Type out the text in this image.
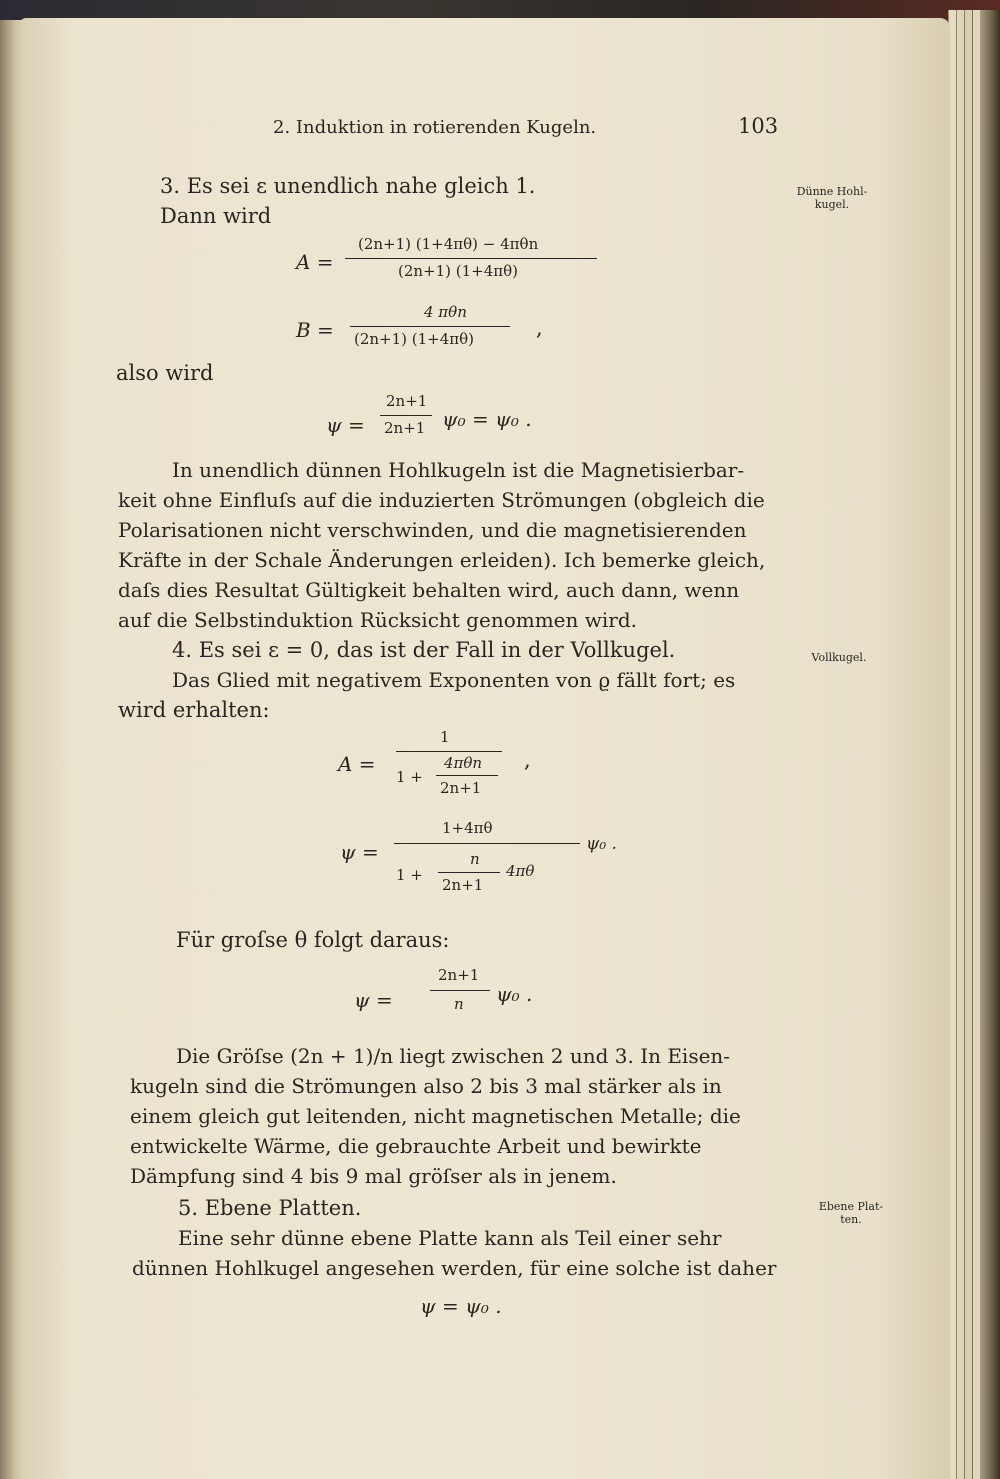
2. Induktion in rotierenden Kugeln.	103
Dünne Hohl-
kugel.
Vollkugel.
Ebene Plat-
ten.
3. Es sei ε unendlich nahe gleich 1.
Dann wird
A =
(2n+1) (1+4πθ) − 4πθn
(2n+1) (1+4πθ)
B =
4 πθn
(2n+1) (1+4πθ)	,
also wird
ψ =
2n+1
2n+1 ψ₀ = ψ₀ .
In unendlich dünnen Hohlkugeln ist die Magnetisierbar-
keit ohne Einfluſs auf die induzierten Strömungen (obgleich die
Polarisationen nicht verschwinden, und die magnetisierenden
Kräfte in der Schale Änderungen erleiden). Ich bemerke gleich,
daſs dies Resultat Gültigkeit behalten wird, auch dann, wenn
auf die Selbstinduktion Rücksicht genommen wird.
4. Es sei ε = 0, das ist der Fall in der Vollkugel.
Das Glied mit negativem Exponenten von ϱ fällt fort; es
wird erhalten:
A =
1
1 +
4πθn
2n+1
,
ψ =
1+4πθ
1 +
n
2n+1
4πθ
ψ₀ .
Für groſse θ folgt daraus:
ψ =
2n+1
n ψ₀ .
Die Gröſse (2n + 1)/n liegt zwischen 2 und 3. In Eisen-
kugeln sind die Strömungen also 2 bis 3 mal stärker als in
einem gleich gut leitenden, nicht magnetischen Metalle; die
entwickelte Wärme, die gebrauchte Arbeit und bewirkte
Dämpfung sind 4 bis 9 mal gröſser als in jenem.
5. Ebene Platten.
Eine sehr dünne ebene Platte kann als Teil einer sehr
dünnen Hohlkugel angesehen werden, für eine solche ist daher
ψ = ψ₀ .
